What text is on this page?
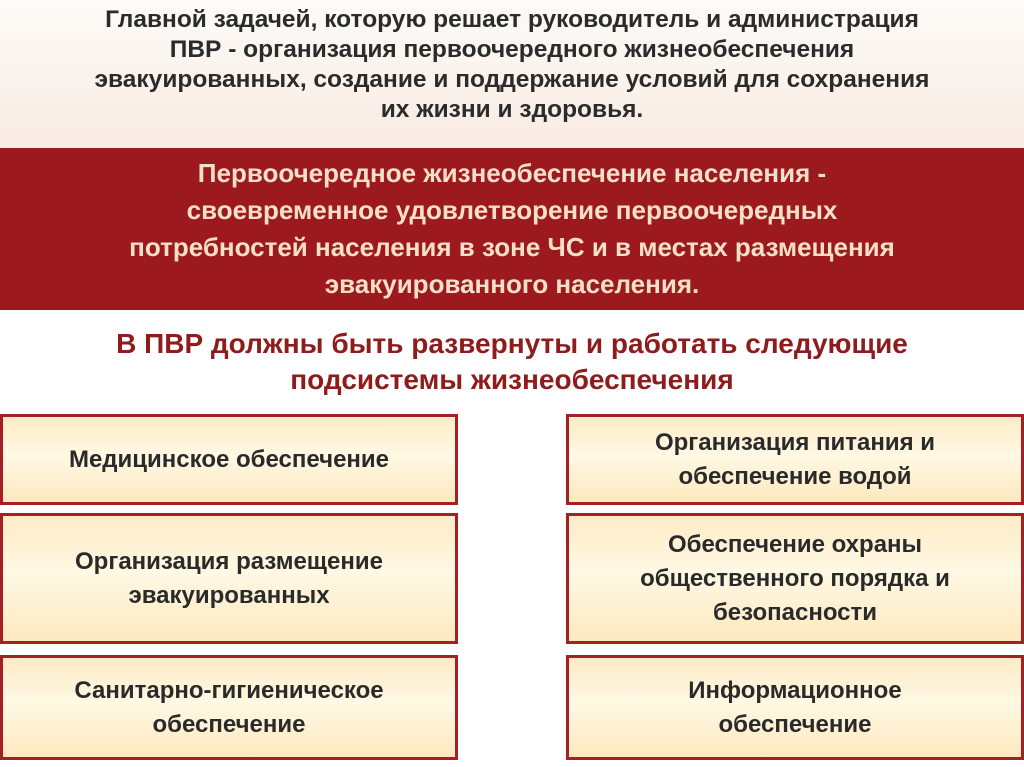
Главной задачей, которую решает руководитель и администрация
ПВР - организация первоочередного жизнеобеспечения
эвакуированных, создание и поддержание условий для сохранения
их жизни и здоровья.
Первоочередное жизнеобеспечение населения -
своевременное удовлетворение первоочередных
потребностей населения в зоне ЧС и в местах размещения
эвакуированного населения.
В ПВР должны быть развернуты и работать следующие
подсистемы жизнеобеспечения
Медицинское обеспечение
Организация питания и
обеспечение водой
Организация размещение
эвакуированных
Обеспечение охраны
общественного порядка и
безопасности
Санитарно-гигиеническое
обеспечение
Информационное
обеспечение
